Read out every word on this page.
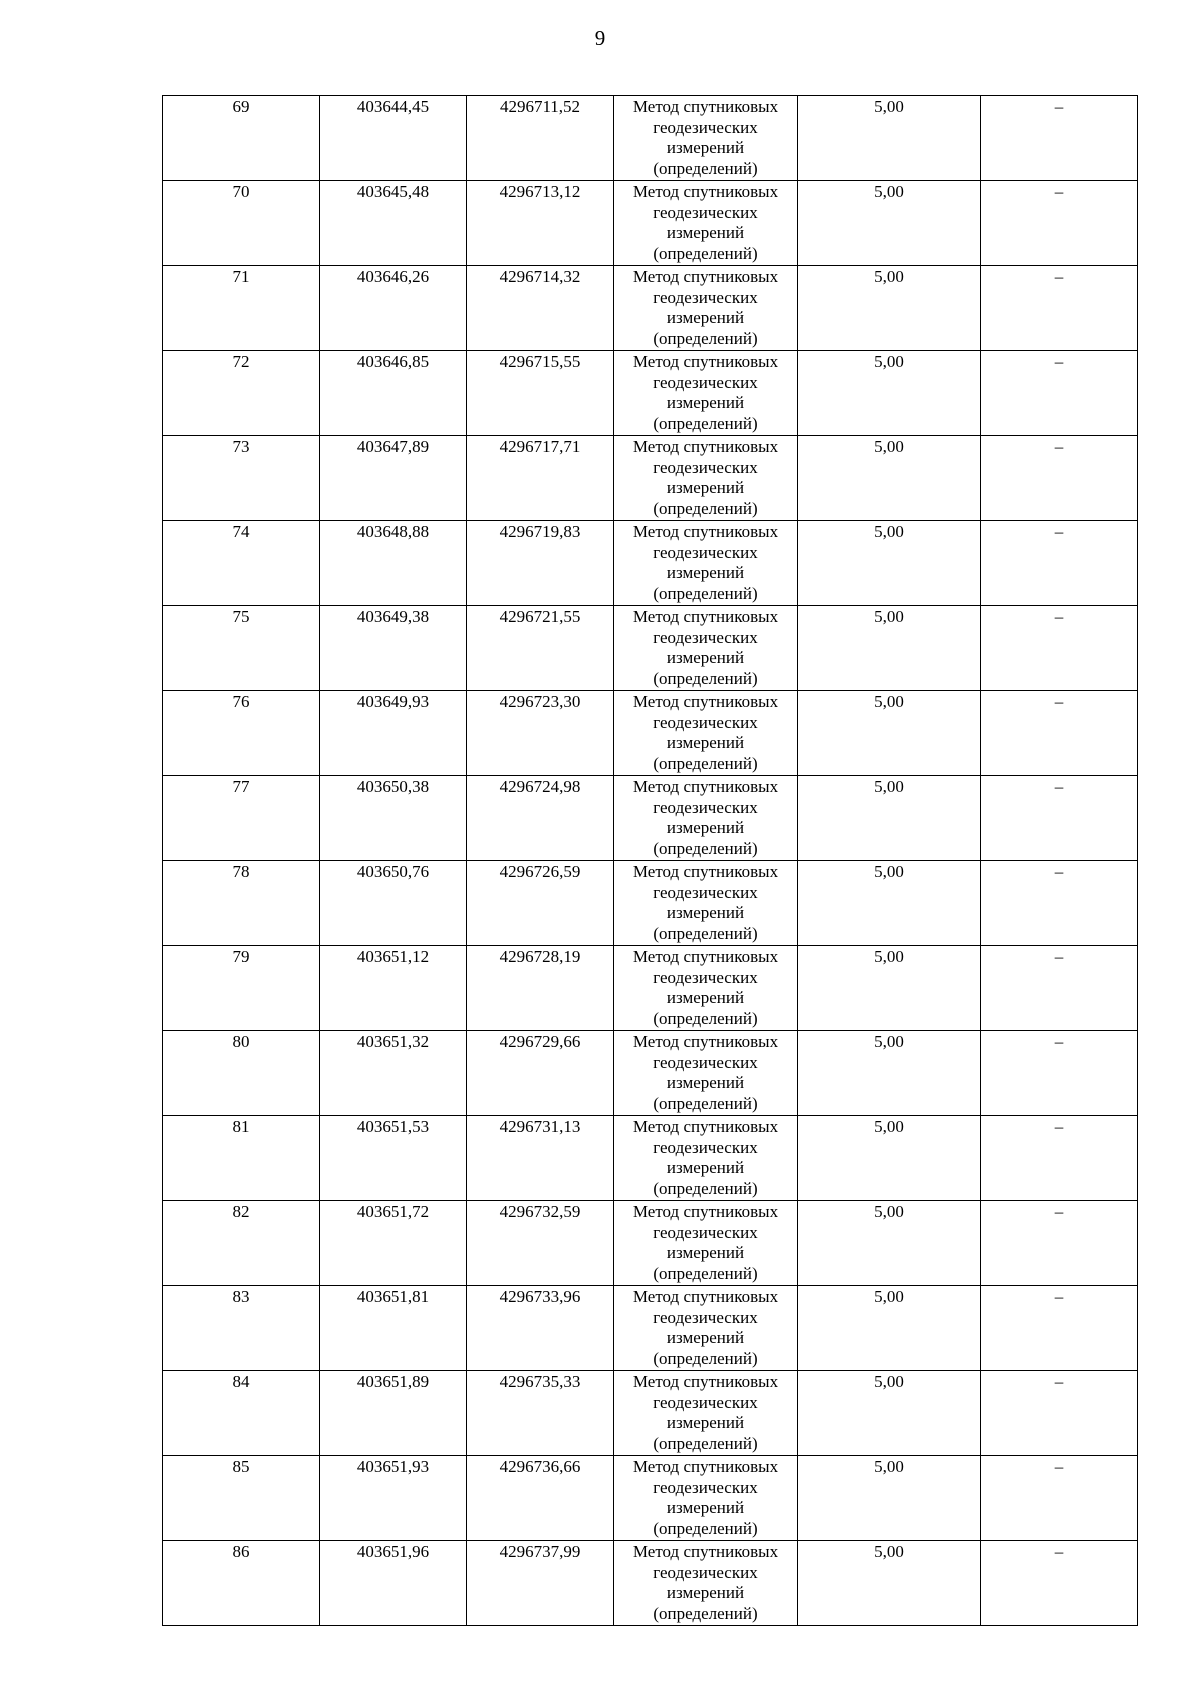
9
69	403644,45	4296711,52	Метод спутниковых геодезических измерений (определений)	5,00	–
70	403645,48	4296713,12	Метод спутниковых геодезических измерений (определений)	5,00	–
71	403646,26	4296714,32	Метод спутниковых геодезических измерений (определений)	5,00	–
72	403646,85	4296715,55	Метод спутниковых геодезических измерений (определений)	5,00	–
73	403647,89	4296717,71	Метод спутниковых геодезических измерений (определений)	5,00	–
74	403648,88	4296719,83	Метод спутниковых геодезических измерений (определений)	5,00	–
75	403649,38	4296721,55	Метод спутниковых геодезических измерений (определений)	5,00	–
76	403649,93	4296723,30	Метод спутниковых геодезических измерений (определений)	5,00	–
77	403650,38	4296724,98	Метод спутниковых геодезических измерений (определений)	5,00	–
78	403650,76	4296726,59	Метод спутниковых геодезических измерений (определений)	5,00	–
79	403651,12	4296728,19	Метод спутниковых геодезических измерений (определений)	5,00	–
80	403651,32	4296729,66	Метод спутниковых геодезических измерений (определений)	5,00	–
81	403651,53	4296731,13	Метод спутниковых геодезических измерений (определений)	5,00	–
82	403651,72	4296732,59	Метод спутниковых геодезических измерений (определений)	5,00	–
83	403651,81	4296733,96	Метод спутниковых геодезических измерений (определений)	5,00	–
84	403651,89	4296735,33	Метод спутниковых геодезических измерений (определений)	5,00	–
85	403651,93	4296736,66	Метод спутниковых геодезических измерений (определений)	5,00	–
86	403651,96	4296737,99	Метод спутниковых геодезических измерений (определений)	5,00	–
